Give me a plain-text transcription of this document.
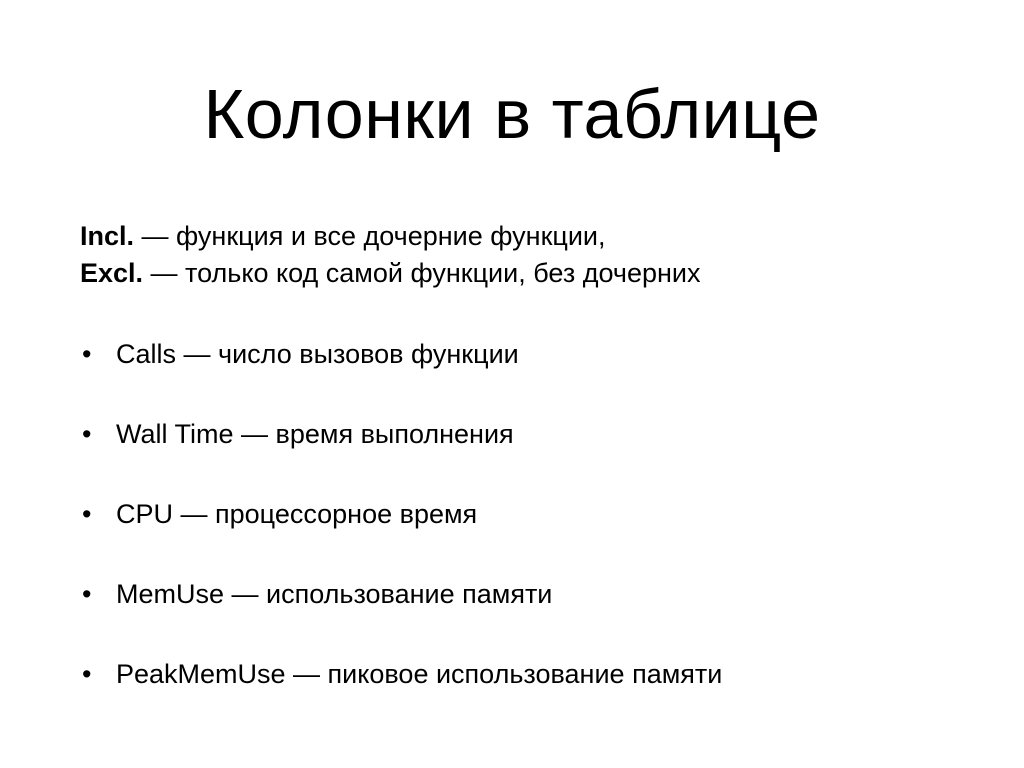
Колонки в таблице
Incl. — функция и все дочерние функции,
Excl. — только код самой функции, без дочерних
• Calls — число вызовов функции
• Wall Time — время выполнения
• CPU — процессорное время
• MemUse — использование памяти
• PeakMemUse — пиковое использование памяти
